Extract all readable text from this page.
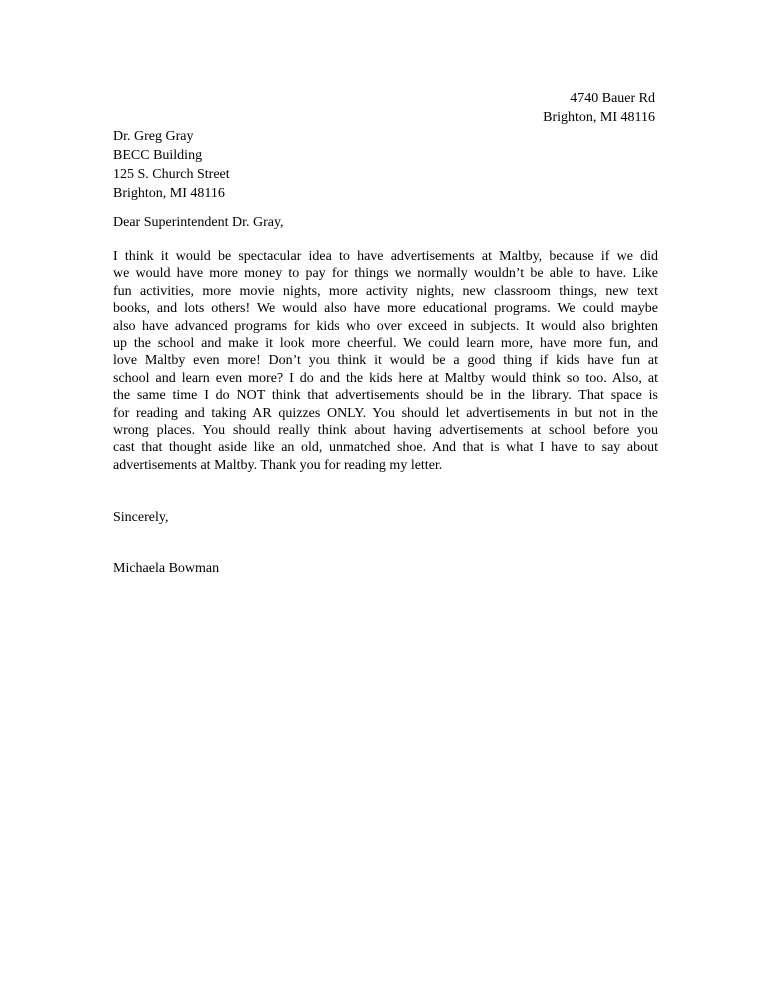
4740 Bauer Rd
Brighton, MI 48116
Dr. Greg Gray
BECC Building
125 S. Church Street
Brighton, MI 48116
Dear Superintendent Dr. Gray,
I think it would be spectacular idea to have advertisements at Maltby, because if we did
we would have more money to pay for things we normally wouldn’t be able to have. Like
fun activities, more movie nights, more activity nights, new classroom things, new text
books, and lots others! We would also have more educational programs. We could maybe
also have advanced programs for kids who over exceed in subjects. It would also brighten
up the school and make it look more cheerful. We could learn more, have more fun, and
love Maltby even more! Don’t you think it would be a good thing if kids have fun at
school and learn even more? I do and the kids here at Maltby would think so too. Also, at
the same time I do NOT think that advertisements should be in the library. That space is
for reading and taking AR quizzes ONLY. You should let advertisements in but not in the
wrong places. You should really think about having advertisements at school before you
cast that thought aside like an old, unmatched shoe. And that is what I have to say about
advertisements at Maltby. Thank you for reading my letter.
Sincerely,
Michaela Bowman
